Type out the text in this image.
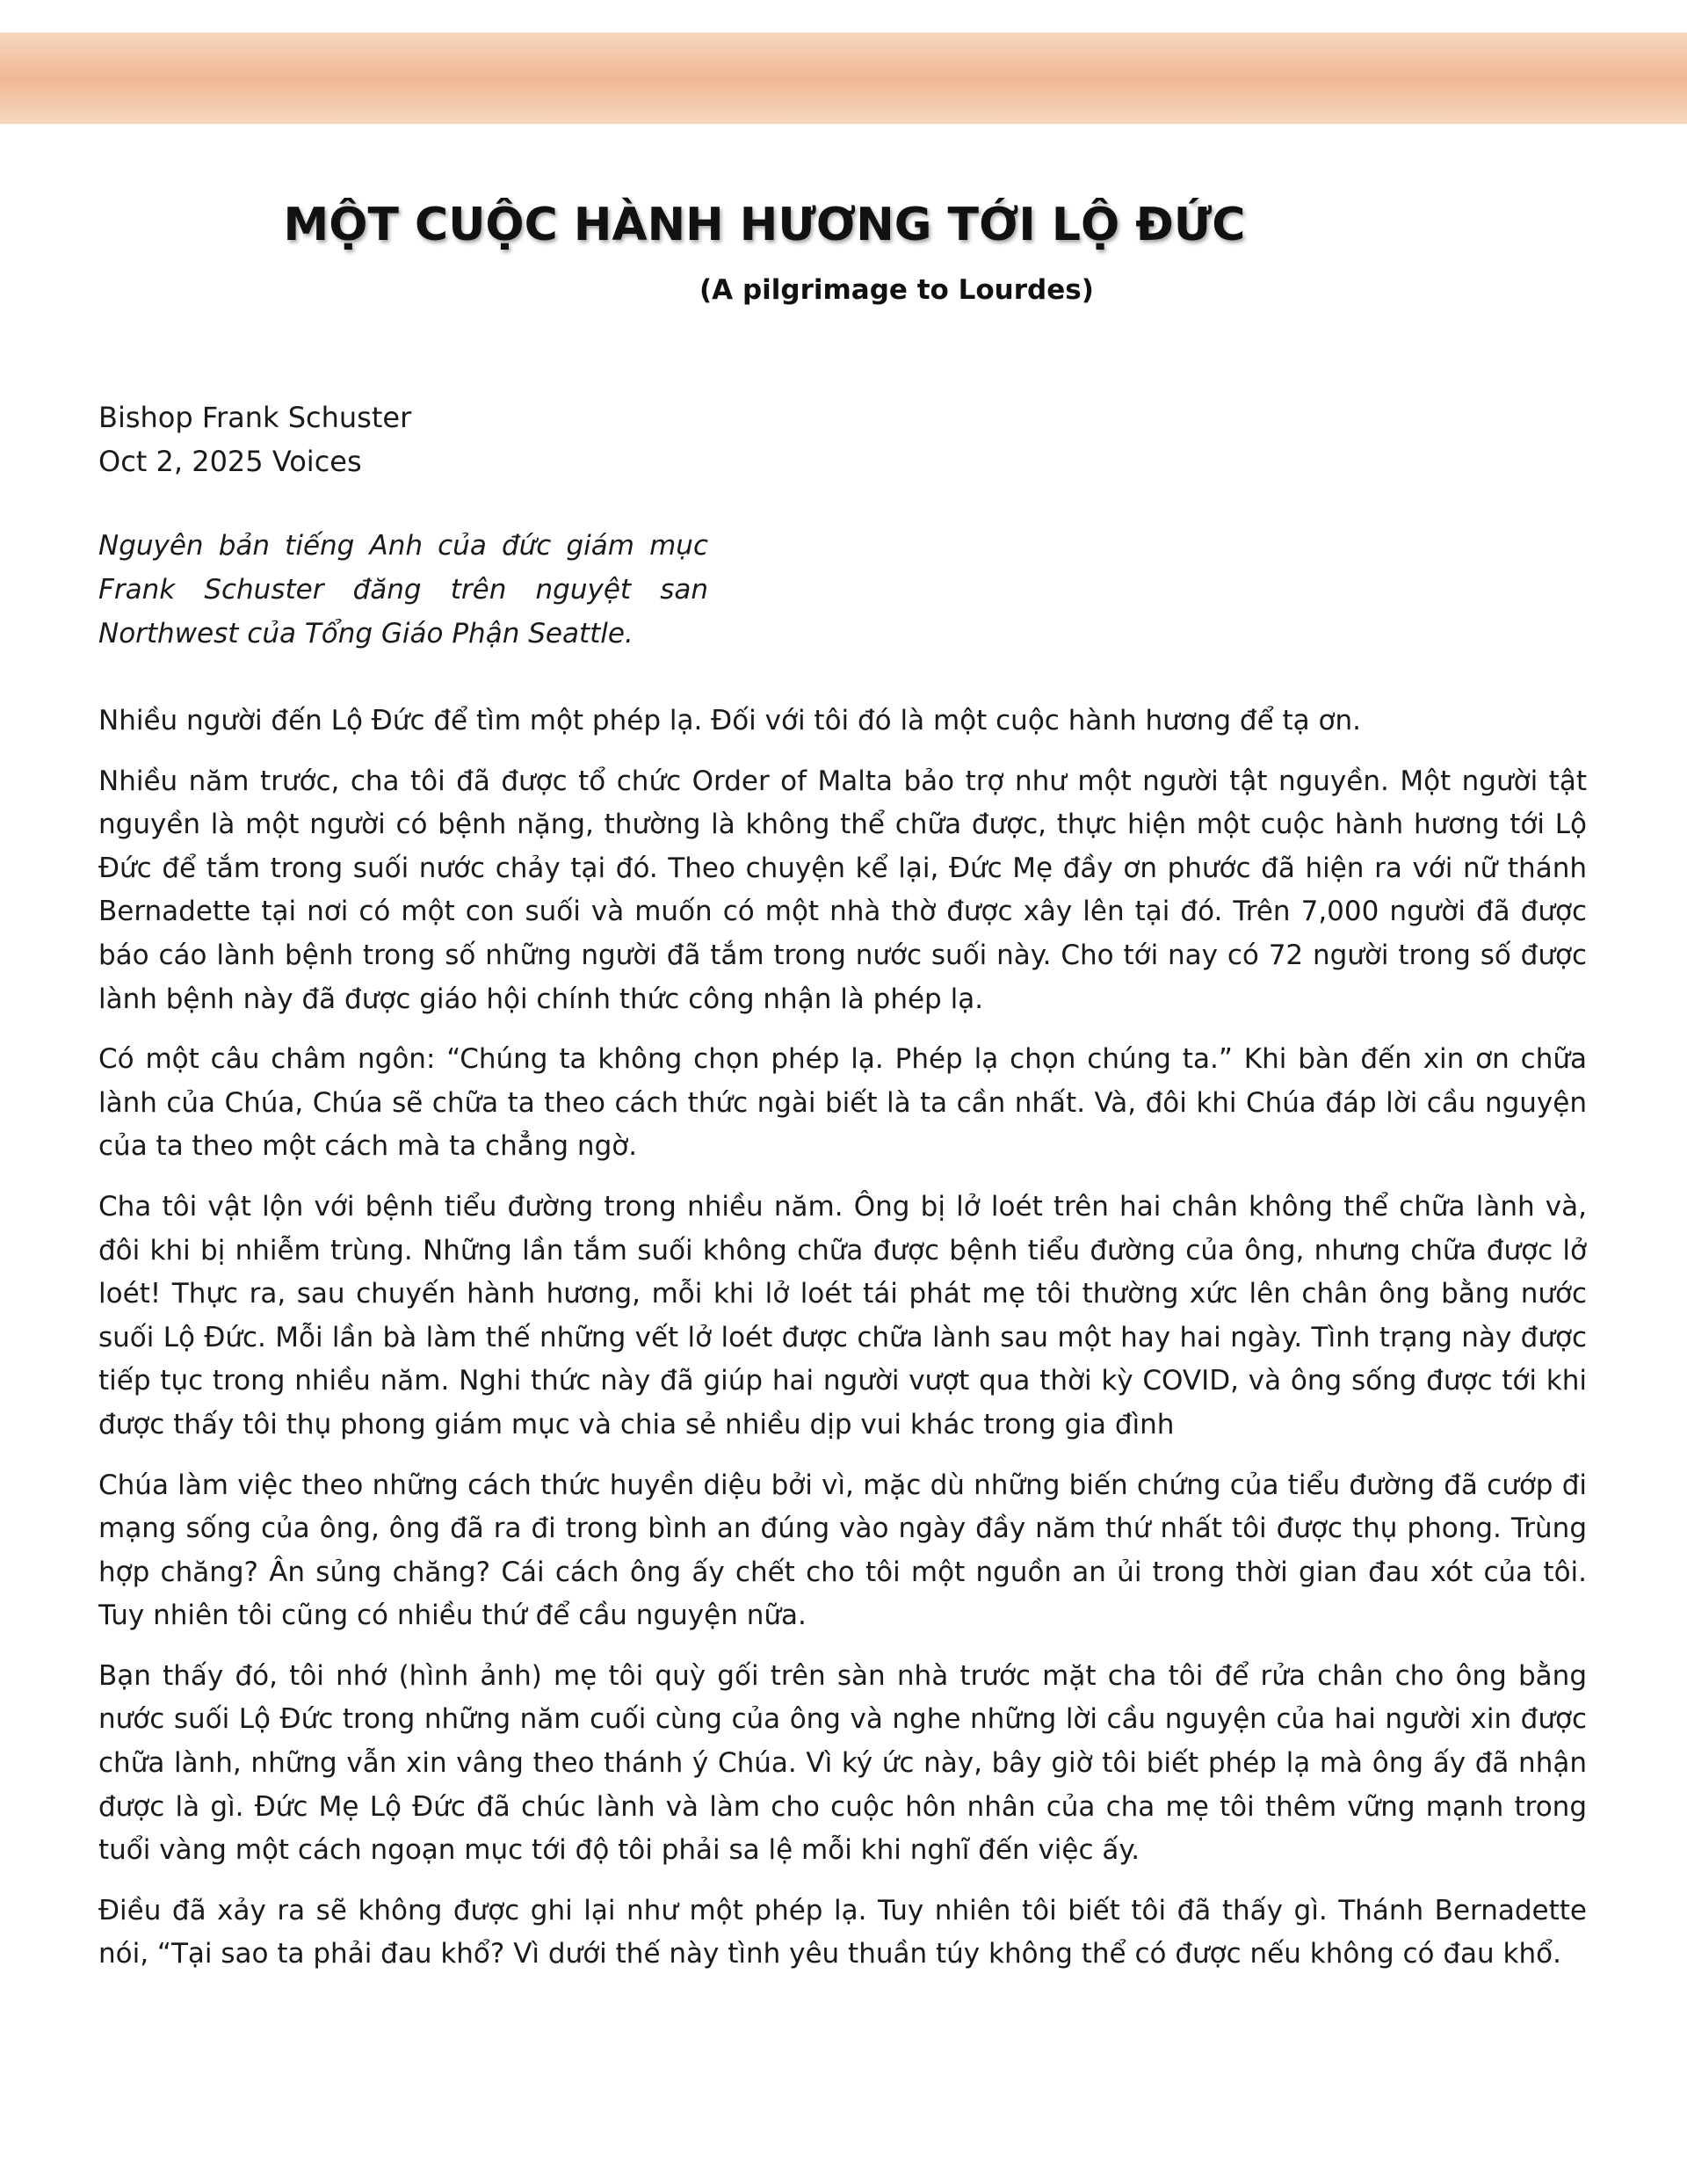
MỘT CUỘC HÀNH HƯƠNG TỚI LỘ ĐỨC
(A pilgrimage to Lourdes)
Bishop Frank Schuster
Oct 2, 2025 Voices
Nguyên bản tiếng Anh của đức giám mục Frank Schuster đăng trên nguyệt san Northwest của Tổng Giáo Phận Seattle.

Nhiều người đến Lộ Đức để tìm một phép lạ. Đối với tôi đó là một cuộc hành hương để tạ ơn.

Nhiều năm trước, cha tôi đã được tổ chức Order of Malta bảo trợ như một người tật nguyền. Một người tật nguyền là một người có bệnh nặng, thường là không thể chữa được, thực hiện một cuộc hành hương tới Lộ Đức để tắm trong suối nước chảy tại đó. Theo chuyện kể lại, Đức Mẹ đầy ơn phước đã hiện ra với nữ thánh Bernadette tại nơi có một con suối và muốn có một nhà thờ được xây lên tại đó. Trên 7,000 người đã được báo cáo lành bệnh trong số những người đã tắm trong nước suối này. Cho tới nay có 72 người trong số được lành bệnh này đã được giáo hội chính thức công nhận là phép lạ.

Có một câu châm ngôn: “Chúng ta không chọn phép lạ. Phép lạ chọn chúng ta.” Khi bàn đến xin ơn chữa lành của Chúa, Chúa sẽ chữa ta theo cách thức ngài biết là ta cần nhất. Và, đôi khi Chúa đáp lời cầu nguyện của ta theo một cách mà ta chẳng ngờ.

Cha tôi vật lộn với bệnh tiểu đường trong nhiều năm. Ông bị lở loét trên hai chân không thể chữa lành và, đôi khi bị nhiễm trùng. Những lần tắm suối không chữa được bệnh tiểu đường của ông, nhưng chữa được lở loét! Thực ra, sau chuyến hành hương, mỗi khi lở loét tái phát mẹ tôi thường xức lên chân ông bằng nước suối Lộ Đức. Mỗi lần bà làm thế những vết lở loét được chữa lành sau một hay hai ngày. Tình trạng này được tiếp tục trong nhiều năm. Nghi thức này đã giúp hai người vượt qua thời kỳ COVID, và ông sống được tới khi được thấy tôi thụ phong giám mục và chia sẻ nhiều dịp vui khác trong gia đình

Chúa làm việc theo những cách thức huyền diệu bởi vì, mặc dù những biến chứng của tiểu đường đã cướp đi mạng sống của ông, ông đã ra đi trong bình an đúng vào ngày đầy năm thứ nhất tôi được thụ phong. Trùng hợp chăng? Ân sủng chăng? Cái cách ông ấy chết cho tôi một nguồn an ủi trong thời gian đau xót của tôi. Tuy nhiên tôi cũng có nhiều thứ để cầu nguyện nữa.

Bạn thấy đó, tôi nhớ (hình ảnh) mẹ tôi quỳ gối trên sàn nhà trước mặt cha tôi để rửa chân cho ông bằng nước suối Lộ Đức trong những năm cuối cùng của ông và nghe những lời cầu nguyện của hai người xin được chữa lành, những vẫn xin vâng theo thánh ý Chúa. Vì ký ức này, bây giờ tôi biết phép lạ mà ông ấy đã nhận được là gì. Đức Mẹ Lộ Đức đã chúc lành và làm cho cuộc hôn nhân của cha mẹ tôi thêm vững mạnh trong tuổi vàng một cách ngoạn mục tới độ tôi phải sa lệ mỗi khi nghĩ đến việc ấy.

Điều đã xảy ra sẽ không được ghi lại như một phép lạ. Tuy nhiên tôi biết tôi đã thấy gì. Thánh Bernadette nói, “Tại sao ta phải đau khổ? Vì dưới thế này tình yêu thuần túy không thể có được nếu không có đau khổ.
